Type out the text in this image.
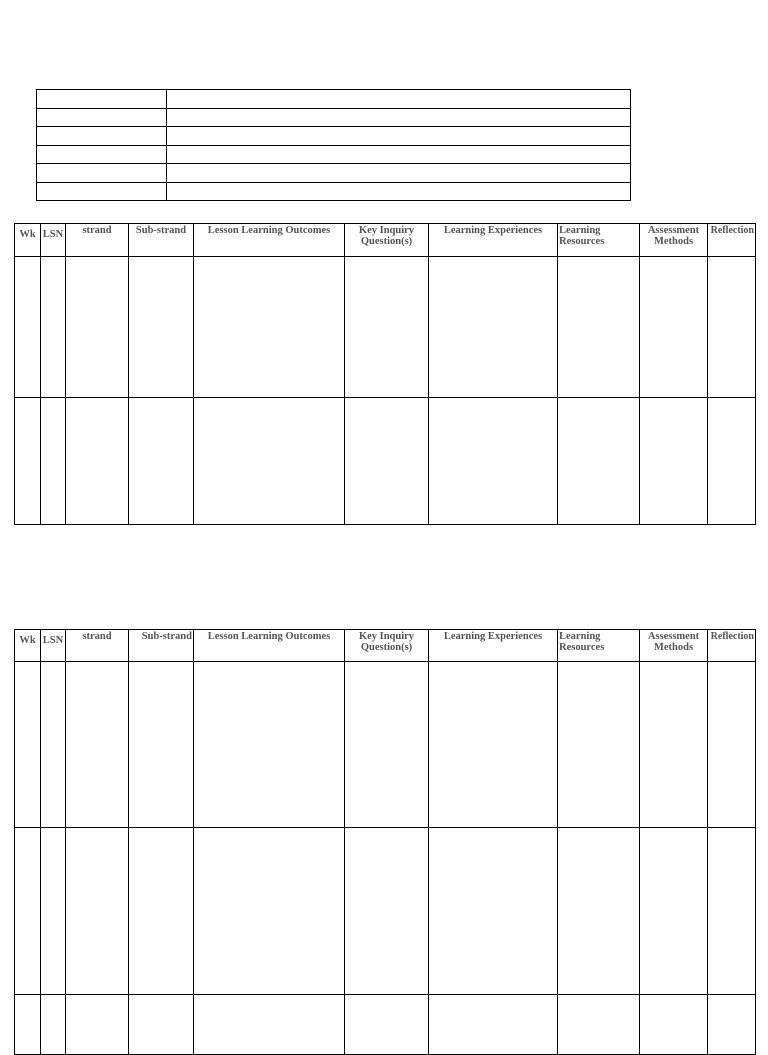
Wk	LSN	strand	Sub-strand	Lesson Learning Outcomes	Key Inquiry Question(s)	Learning Experiences	Learning Resources	Assessment Methods	Reflection

Wk	LSN	strand	Sub-strand	Lesson Learning Outcomes	Key Inquiry Question(s)	Learning Experiences	Learning Resources	Assessment Methods	Reflection
